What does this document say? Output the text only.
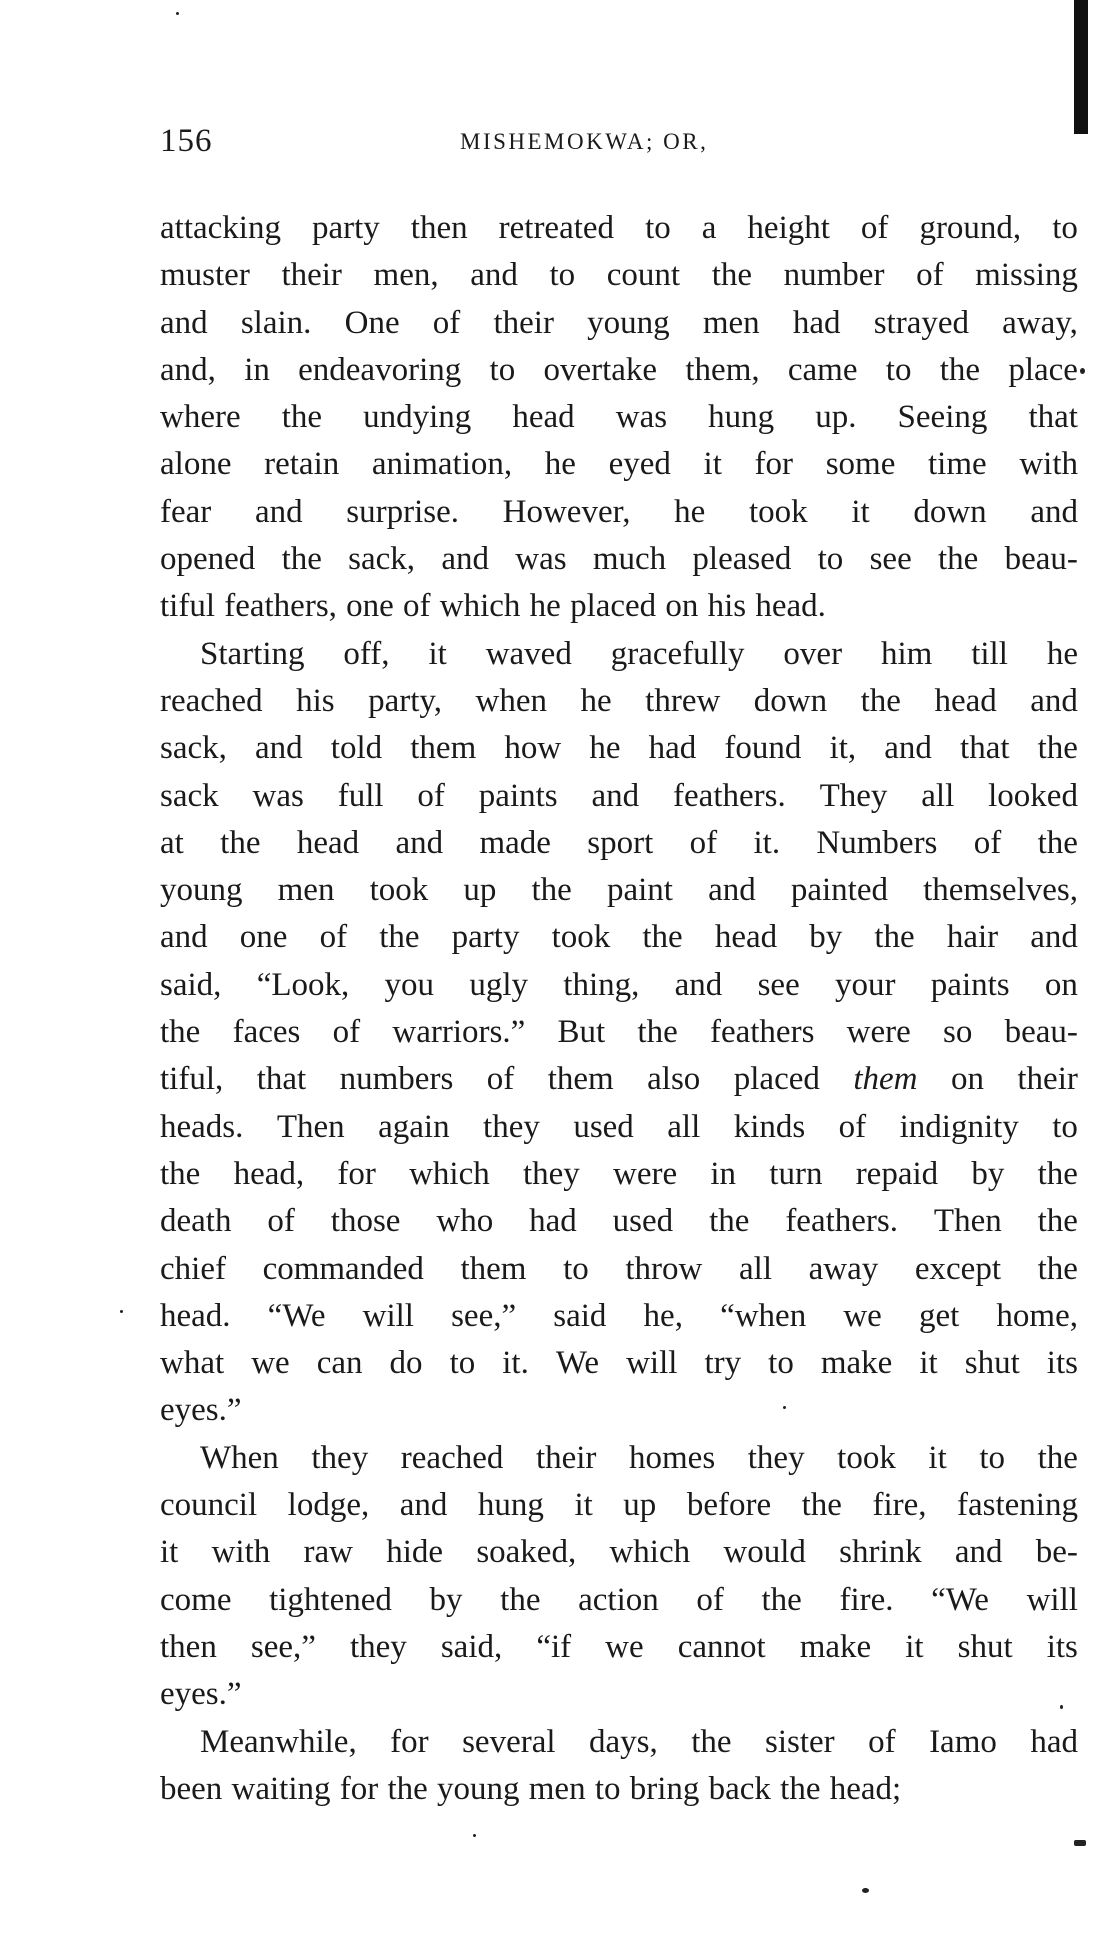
156	MISHEMOKWA; OR,
attacking party then retreated to a height of ground, to
muster their men, and to count the number of missing
and slain. One of their young men had strayed away,
and, in endeavoring to overtake them, came to the place
where the undying head was hung up. Seeing that
alone retain animation, he eyed it for some time with
fear and surprise. However, he took it down and
opened the sack, and was much pleased to see the beau-
tiful feathers, one of which he placed on his head.
Starting off, it waved gracefully over him till he
reached his party, when he threw down the head and
sack, and told them how he had found it, and that the
sack was full of paints and feathers. They all looked
at the head and made sport of it. Numbers of the
young men took up the paint and painted themselves,
and one of the party took the head by the hair and
said, “Look, you ugly thing, and see your paints on
the faces of warriors.” But the feathers were so beau-
tiful, that numbers of them also placed them on their
heads. Then again they used all kinds of indignity to
the head, for which they were in turn repaid by the
death of those who had used the feathers. Then the
chief commanded them to throw all away except the
head. “We will see,” said he, “when we get home,
what we can do to it. We will try to make it shut its
eyes.”
When they reached their homes they took it to the
council lodge, and hung it up before the fire, fastening
it with raw hide soaked, which would shrink and be-
come tightened by the action of the fire. “We will
then see,” they said, “if we cannot make it shut its
eyes.”
Meanwhile, for several days, the sister of Iamo had
been waiting for the young men to bring back the head;
